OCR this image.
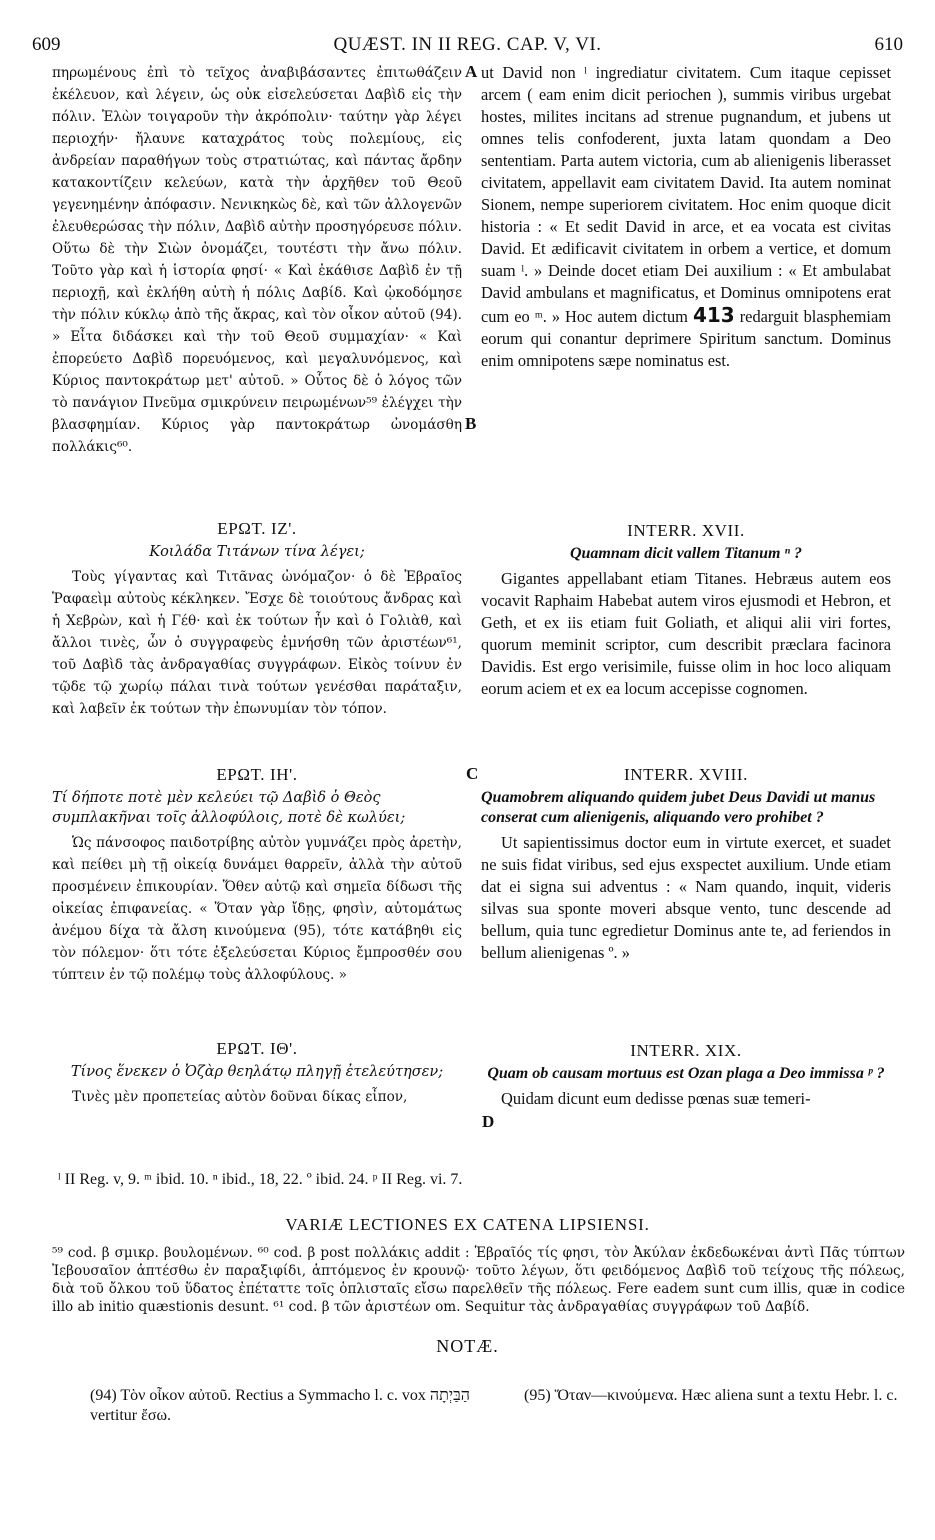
609	QUÆST. IN II REG. CAP. V, VI.	610

πηρωμένους ἐπὶ τὸ τεῖχος ἀναβιβάσαντες ἐπιτωθάζειν ἐκέλευον, καὶ λέγειν, ὡς οὐκ εἰσελεύσεται Δαβὶδ εἰς τὴν πόλιν. Ἑλὼν τοιγαροῦν τὴν ἀκρόπολιν· ταύτην γὰρ λέγει περιοχήν· ἤλαυνε καταχράτος τοὺς πολεμίους, εἰς ἀνδρείαν παραθήγων τοὺς στρατιώτας, καὶ πάντας ἄρδην κατακοντίζειν κελεύων, κατὰ τὴν ἀρχῆθεν τοῦ Θεοῦ γεγενημένην ἀπόφασιν. Νενικηκὼς δὲ, καὶ τῶν ἀλλογενῶν ἐλευθερώσας τὴν πόλιν, Δαβὶδ αὐτὴν προσηγόρευσε πόλιν. Οὕτω δὲ τὴν Σιὼν ὀνομάζει, τουτέστι τὴν ἄνω πόλιν. Τοῦτο γὰρ καὶ ἡ ἱστορία φησί· « Καὶ ἐκάθισε Δαβὶδ ἐν τῇ περιοχῇ, καὶ ἐκλήθη αὐτὴ ἡ πόλις Δαβίδ. Καὶ ᾠκοδόμησε τὴν πόλιν κύκλῳ ἀπὸ τῆς ἄκρας, καὶ τὸν οἶκον αὐτοῦ (94). » Εἶτα διδάσκει καὶ τὴν τοῦ Θεοῦ συμμαχίαν· « Καὶ ἐπορεύετο Δαβὶδ πορευόμενος, καὶ μεγαλυνόμενος, καὶ Κύριος παντοκράτωρ μετ' αὐτοῦ. » Οὗτος δὲ ὁ λόγος τῶν τὸ πανάγιον Πνεῦμα σμικρύνειν πειρωμένων⁵⁹ ἐλέγχει τὴν βλασφημίαν. Κύριος γὰρ παντοκράτωρ ὠνομάσθη πολλάκις⁶⁰.

ΕΡΩΤ. ΙΖ'.

Κοιλάδα Τιτάνων τίνα λέγει;

Τοὺς γίγαντας καὶ Τιτᾶνας ὠνόμαζον· ὁ δὲ Ἑβραῖος Ῥαφαεὶμ αὐτοὺς κέκληκεν. Ἔσχε δὲ τοιούτους ἄνδρας καὶ ἡ Χεβρὼν, καὶ ἡ Γέθ· καὶ ἐκ τούτων ἦν καὶ ὁ Γολιὰθ, καὶ ἄλλοι τινὲς, ὧν ὁ συγγραφεὺς ἐμνήσθη τῶν ἀριστέων⁶¹, τοῦ Δαβὶδ τὰς ἀνδραγαθίας συγγράφων. Εἰκὸς τοίνυν ἐν τῷδε τῷ χωρίῳ πάλαι τινὰ τούτων γενέσθαι παράταξιν, καὶ λαβεῖν ἐκ τούτων τὴν ἐπωνυμίαν τὸν τόπον.

ΕΡΩΤ. ΙΗ'.

Τί δήποτε ποτὲ μὲν κελεύει τῷ Δαβὶδ ὁ Θεὸς συμπλακῆναι τοῖς ἀλλοφύλοις, ποτὲ δὲ κωλύει;

Ὡς πάνσοφος παιδοτρίβης αὐτὸν γυμνάζει πρὸς ἀρετὴν, καὶ πείθει μὴ τῇ οἰκείᾳ δυνάμει θαρρεῖν, ἀλλὰ τὴν αὐτοῦ προσμένειν ἐπικουρίαν. Ὅθεν αὐτῷ καὶ σημεῖα δίδωσι τῆς οἰκείας ἐπιφανείας. « Ὅταν γὰρ ἴδῃς, φησὶν, αὐτομάτως ἀνέμου δίχα τὰ ἄλση κινούμενα (95), τότε κατάβηθι εἰς τὸν πόλεμον· ὅτι τότε ἐξελεύσεται Κύριος ἔμπροσθέν σου τύπτειν ἐν τῷ πολέμῳ τοὺς ἀλλοφύλους. »

ΕΡΩΤ. ΙΘ'.

Τίνος ἕνεκεν ὁ Ὀζὰρ θεηλάτῳ πληγῇ ἐτελεύτησεν;

Τινὲς μὲν προπετείας αὐτὸν δοῦναι δίκας εἶπον,

A
B
C
D

ut David non ˡ ingrediatur civitatem. Cum itaque cepisset arcem ( eam enim dicit periochen ), summis viribus urgebat hostes, milites incitans ad strenue pugnandum, et jubens ut omnes telis confoderent, juxta latam quondam a Deo sententiam. Parta autem victoria, cum ab alienigenis liberasset civitatem, appellavit eam civitatem David. Ita autem nominat Sionem, nempe superiorem civitatem. Hoc enim quoque dicit historia : « Et sedit David in arce, et ea vocata est civitas David. Et ædificavit civitatem in orbem a vertice, et domum suam ˡ. » Deinde docet etiam Dei auxilium : « Et ambulabat David ambulans et magnificatus, et Dominus omnipotens erat cum eo ᵐ. » Hoc autem dictum 413 redarguit blasphemiam eorum qui conantur deprimere Spiritum sanctum. Dominus enim omnipotens sæpe nominatus est.

INTERR. XVII.

Quamnam dicit vallem Titanum ⁿ ?

Gigantes appellabant etiam Titanes. Hebræus autem eos vocavit Raphaim Habebat autem viros ejusmodi et Hebron, et Geth, et ex iis etiam fuit Goliath, et aliqui alii viri fortes, quorum meminit scriptor, cum describit præclara facinora Davidis. Est ergo verisimile, fuisse olim in hoc loco aliquam eorum aciem et ex ea locum accepisse cognomen.

INTERR. XVIII.

Quamobrem aliquando quidem jubet Deus Davidi ut manus conserat cum alienigenis, aliquando vero prohibet ?

Ut sapientissimus doctor eum in virtute exercet, et suadet ne suis fidat viribus, sed ejus exspectet auxilium. Unde etiam dat ei signa sui adventus : « Nam quando, inquit, videris silvas sua sponte moveri absque vento, tunc descende ad bellum, quia tunc egredietur Dominus ante te, ad feriendos in bellum alienigenas º. »

INTERR. XIX.

Quam ob causam mortuus est Ozan plaga a Deo immissa ᵖ ?

Quidam dicunt eum dedisse pœnas suæ temeri-

ˡ II Reg. v, 9. ᵐ ibid. 10. ⁿ ibid., 18, 22. º ibid. 24. ᵖ II Reg. vi. 7.
VARIÆ LECTIONES EX CATENA LIPSIENSI.
⁵⁹ cod. β σμικρ. βουλομένων. ⁶⁰ cod. β post πολλάκις addit : Ἑβραῖός τίς φησι, τὸν Ἀκύλαν ἐκδεδωκέναι ἀντὶ Πᾶς τύπτων Ἰεβουσαῖον ἁπτέσθω ἐν παραξιφίδι, ἁπτόμενος ἐν κρουνῷ· τοῦτο λέγων, ὅτι φειδόμενος Δαβὶδ τοῦ τείχους τῆς πόλεως, διὰ τοῦ ὄλκου τοῦ ὕδατος ἐπέταττε τοῖς ὁπλισταῖς εἴσω παρελθεῖν τῆς πόλεως. Fere eadem sunt cum illis, quæ in codice illo ab initio quæstionis desunt. ⁶¹ cod. β τῶν ἀριστέων om. Sequitur τὰς ἀνδραγαθίας συγγράφων τοῦ Δαβίδ.
NOTÆ.
(94) Τὸν οἶκον αὐτοῦ. Rectius a Symmacho l. c. vox הַבַּיְתָה vertitur ἔσω.
(95) Ὅταν—κινούμενα. Hæc aliena sunt a textu Hebr. l. c.
